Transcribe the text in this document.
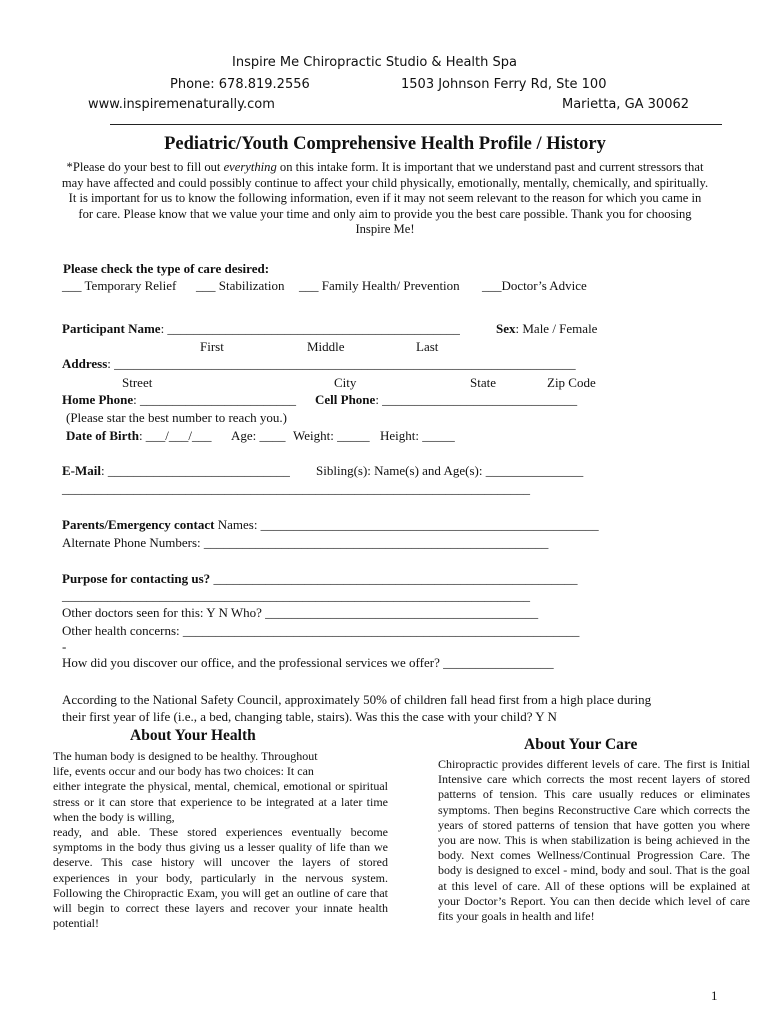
Inspire Me Chiropractic Studio & Health Spa
Phone: 678.819.2556	1503 Johnson Ferry Rd, Ste 100
www.inspiremenaturally.com	Marietta, GA 30062
Pediatric/Youth Comprehensive Health Profile / History
*Please do your best to fill out everything on this intake form. It is important that we understand past and current stressors that may have affected and could possibly continue to affect your child physically, emotionally, mentally, chemically, and spiritually. It is important for us to know the following information, even if it may not seem relevant to the reason for which you came in for care. Please know that we value your time and only aim to provide you the best care possible. Thank you for choosing Inspire Me!
Please check the type of care desired:
___ Temporary Relief ___ Stabilization ___ Family Health/ Prevention ___Doctor’s Advice
Participant Name: _____________________________________________	Sex: Male / Female
First	Middle	Last
Address: _______________________________________________________________________
Street	City	State	Zip Code
Home Phone: ________________________ Cell Phone: ______________________________
(Please star the best number to reach you.)
Date of Birth: ___/___/___ Age: ____ Weight: _____ Height: _____
E-Mail: ____________________________ Sibling(s): Name(s) and Age(s): _______________
________________________________________________________________________
Parents/Emergency contact Names: ____________________________________________________
Alternate Phone Numbers: _____________________________________________________
Purpose for contacting us? ________________________________________________________
________________________________________________________________________
Other doctors seen for this: Y N Who? __________________________________________
Other health concerns: _____________________________________________________________
-
How did you discover our office, and the professional services we offer? _________________
According to the National Safety Council, approximately 50% of children fall head first from a high place during
their first year of life (i.e., a bed, changing table, stairs). Was this the case with your child? Y N
About Your Health
The human body is designed to be healthy. Throughout
life, events occur and our body has two choices: It can
either integrate the physical, mental, chemical, emotional or spiritual stress or it can store that experience to be integrated at a later time when the body is willing,
ready, and able. These stored experiences eventually become symptoms in the body thus giving us a lesser quality of life than we deserve. This case history will uncover the layers of stored experiences in your body, particularly in the nervous system. Following the Chiropractic Exam, you will get an outline of care that will begin to correct these layers and recover your innate health potential!
About Your Care
Chiropractic provides different levels of care. The first is Initial Intensive care which corrects the most recent layers of stored patterns of tension. This care usually reduces or eliminates symptoms. Then begins Reconstructive Care which corrects the years of stored patterns of tension that have gotten you where you are now. This is when stabilization is being achieved in the body. Next comes Wellness/Continual Progression Care. The body is designed to excel - mind, body and soul. That is the goal at this level of care. All of these options will be explained at your Doctor’s Report. You can then decide which level of care fits your goals in health and life!
1
